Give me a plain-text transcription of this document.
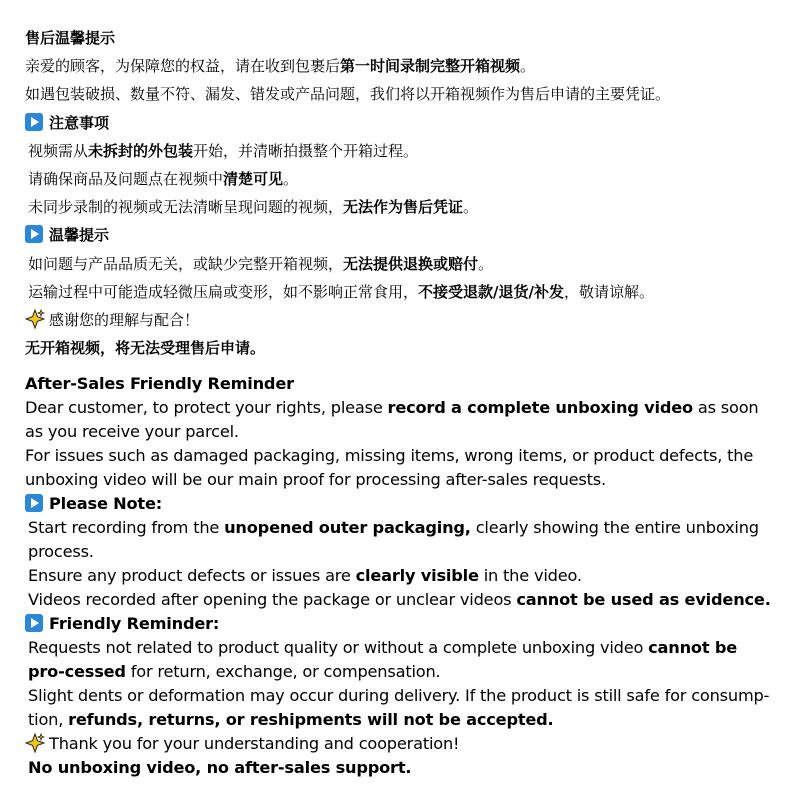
售后温馨提示
亲爱的顾客，为保障您的权益，请在收到包裹后第一时间录制完整开箱视频。
如遇包装破损、数量不符、漏发、错发或产品问题，我们将以开箱视频作为售后申请的主要凭证。
注意事项
视频需从未拆封的外包装开始，并清晰拍摄整个开箱过程。
请确保商品及问题点在视频中清楚可见。
未同步录制的视频或无法清晰呈现问题的视频，无法作为售后凭证。
温馨提示
如问题与产品品质无关，或缺少完整开箱视频，无法提供退换或赔付。
运输过程中可能造成轻微压扁或变形，如不影响正常食用，不接受退款/退货/补发，敬请谅解。
感谢您的理解与配合！
无开箱视频，将无法受理售后申请。
After-Sales Friendly Reminder
Dear customer, to protect your rights, please record a complete unboxing video as soon as you receive your parcel.
For issues such as damaged packaging, missing items, wrong items, or product defects, the unboxing video will be our main proof for processing after-sales requests.
Please Note:
Start recording from the unopened outer packaging, clearly showing the entire unboxing process.
Ensure any product defects or issues are clearly visible in the video.
Videos recorded after opening the package or unclear videos cannot be used as evidence.
Friendly Reminder:
Requests not related to product quality or without a complete unboxing video cannot be pro-cessed for return, exchange, or compensation.
Slight dents or deformation may occur during delivery. If the product is still safe for consump-tion, refunds, returns, or reshipments will not be accepted.
Thank you for your understanding and cooperation!
No unboxing video, no after-sales support.
